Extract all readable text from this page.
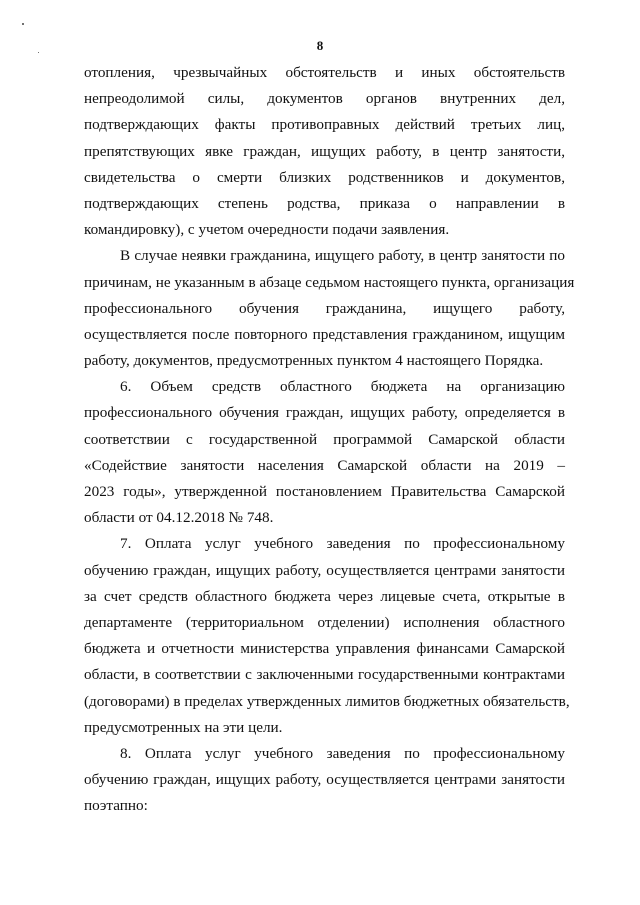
8
отопления, чрезвычайных обстоятельств и иных обстоятельств
непреодолимой силы, документов органов внутренних дел,
подтверждающих факты противоправных действий третьих лиц,
препятствующих явке граждан, ищущих работу, в центр занятости,
свидетельства о смерти близких родственников и документов,
подтверждающих степень родства, приказа о направлении в
командировку), с учетом очередности подачи заявления.
В случае неявки гражданина, ищущего работу, в центр занятости по
причинам, не указанным в абзаце седьмом настоящего пункта, организация
профессионального обучения гражданина, ищущего работу,
осуществляется после повторного представления гражданином, ищущим
работу, документов, предусмотренных пунктом 4 настоящего Порядка.
6. Объем средств областного бюджета на организацию
профессионального обучения граждан, ищущих работу, определяется в
соответствии с государственной программой Самарской области
«Содействие занятости населения Самарской области на 2019 –
2023 годы», утвержденной постановлением Правительства Самарской
области от 04.12.2018 № 748.
7. Оплата услуг учебного заведения по профессиональному
обучению граждан, ищущих работу, осуществляется центрами занятости
за счет средств областного бюджета через лицевые счета, открытые в
департаменте (территориальном отделении) исполнения областного
бюджета и отчетности министерства управления финансами Самарской
области, в соответствии с заключенными государственными контрактами
(договорами) в пределах утвержденных лимитов бюджетных обязательств,
предусмотренных на эти цели.
8. Оплата услуг учебного заведения по профессиональному
обучению граждан, ищущих работу, осуществляется центрами занятости
поэтапно:
